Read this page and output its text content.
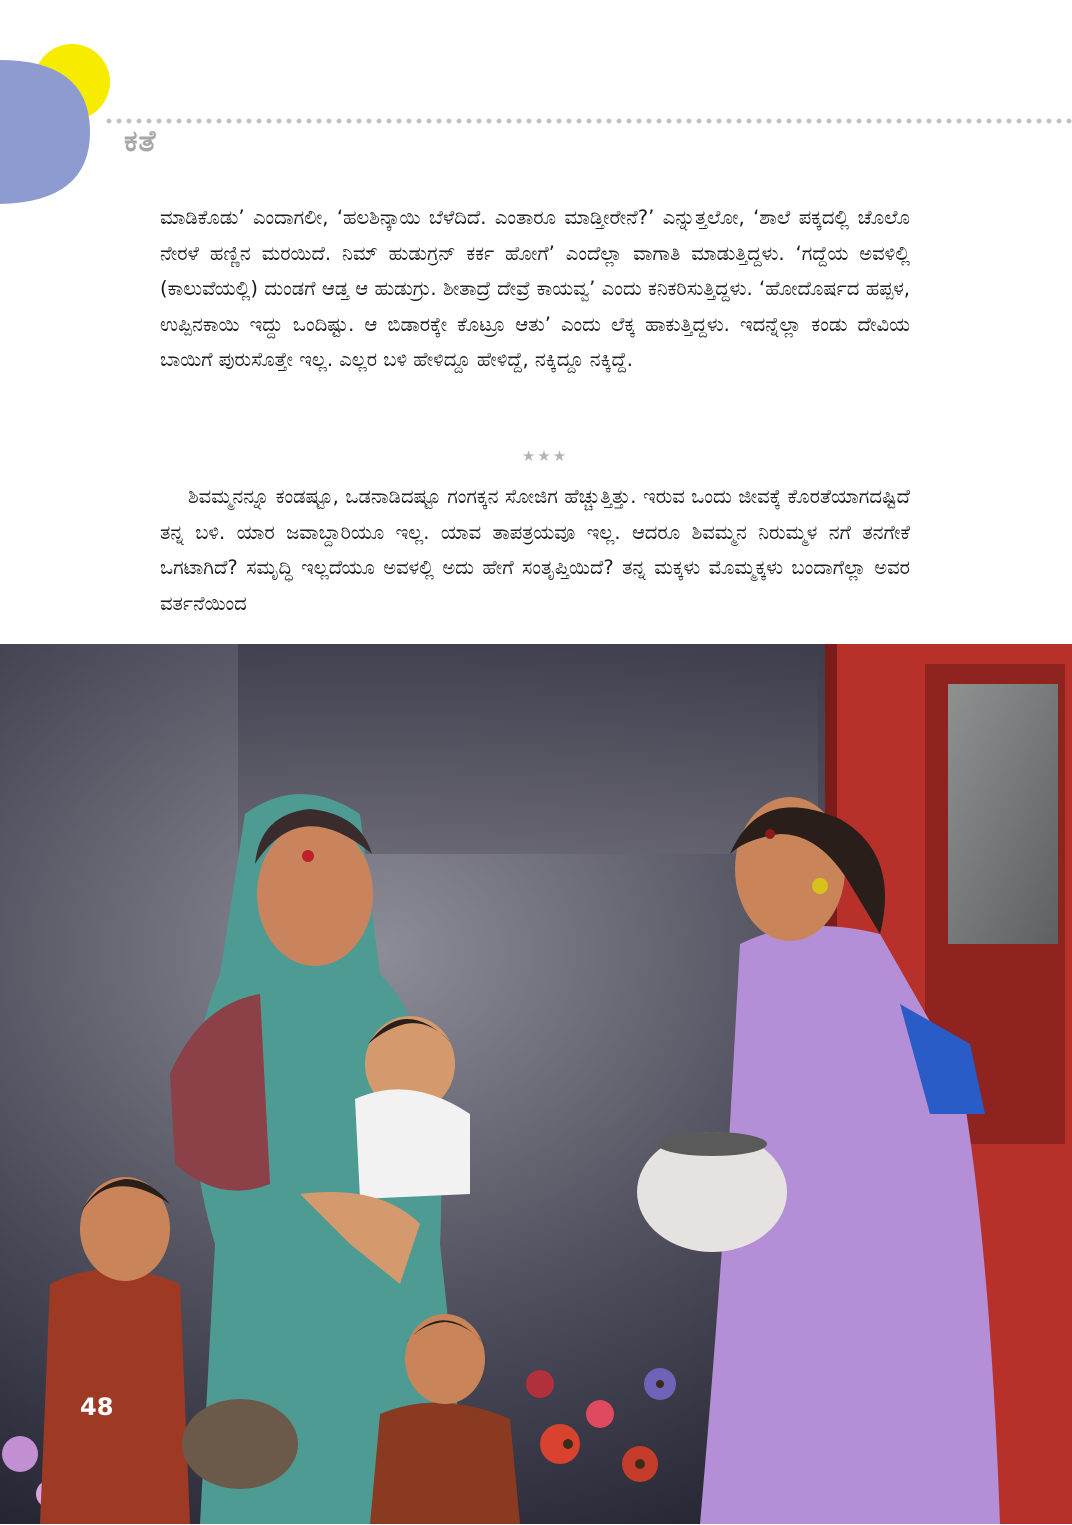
ಕತೆ

ಮಾಡಿಕೊಡು’ ಎಂದಾಗಲೀ, ‘ಹಲಶಿನ್ಕಾಯಿ ಬೆಳೆದಿದೆ. ಎಂತಾರೂ ಮಾಡ್ತೀರೇನೆ?’ ಎನ್ನುತ್ತಲೋ, ‘ಶಾಲೆ ಪಕ್ಕದಲ್ಲಿ ಚೊಲೊ ನೇರಳೆ ಹಣ್ಣಿನ ಮರಯಿದೆ. ನಿಮ್ ಹುಡುಗ್ರನ್ ಕರ್ಕ ಹೋಗೆ’ ಎಂದೆಲ್ಲಾ ವಾಗಾತಿ ಮಾಡುತ್ತಿದ್ದಳು. ‘ಗದ್ದೆಯ ಅವಳಿಲ್ಲಿ (ಕಾಲುವೆಯಲ್ಲಿ) ದುಂಡಗೆ ಆಡ್ತ ಆ ಹುಡುಗ್ರು. ಶೀತಾದ್ರೆ ದೇವ್ರೆ ಕಾಯವ್ವ’ ಎಂದು ಕನಿಕರಿಸುತ್ತಿದ್ದಳು. ‘ಹೋದೊರ್ಷದ ಹಪ್ಪಳ, ಉಪ್ಪಿನಕಾಯಿ ಇದ್ದು ಒಂದಿಷ್ಟು. ಆ ಬಿಡಾರಕ್ಕೇ ಕೊಟ್ರೂ ಆತು’ ಎಂದು ಲೆಕ್ಕ ಹಾಕುತ್ತಿದ್ದಳು. ಇದನ್ನೆಲ್ಲಾ ಕಂಡು ದೇವಿಯ ಬಾಯಿಗೆ ಪುರುಸೊತ್ತೇ ಇಲ್ಲ. ಎಲ್ಲರ ಬಳಿ ಹೇಳಿದ್ದೂ ಹೇಳಿದ್ದೆ, ನಕ್ಕಿದ್ದೂ ನಕ್ಕಿದ್ದೆ.

★★★

ಶಿವಮ್ಮನನ್ನೂ ಕಂಡಷ್ಟೂ, ಒಡನಾಡಿದಷ್ಟೂ ಗಂಗಕ್ಕನ ಸೋಜಿಗ ಹೆಚ್ಚುತ್ತಿತ್ತು. ಇರುವ ಒಂದು ಜೀವಕ್ಕೆ ಕೊರತೆಯಾಗದಷ್ಟಿದೆ ತನ್ನ ಬಳಿ. ಯಾರ ಜವಾಬ್ದಾರಿಯೂ ಇಲ್ಲ. ಯಾವ ತಾಪತ್ರಯವೂ ಇಲ್ಲ. ಆದರೂ ಶಿವಮ್ಮನ ನಿರುಮ್ಮಳ ನಗೆ ತನಗೇಕೆ ಒಗಟಾಗಿದೆ? ಸಮೃದ್ಧಿ ಇಲ್ಲದೆಯೂ ಅವಳಲ್ಲಿ ಅದು ಹೇಗೆ ಸಂತೃಪ್ತಿಯಿದೆ? ತನ್ನ ಮಕ್ಕಳು ಮೊಮ್ಮಕ್ಕಳು ಬಂದಾಗೆಲ್ಲಾ ಅವರ ವರ್ತನೆಯಿಂದ

48
